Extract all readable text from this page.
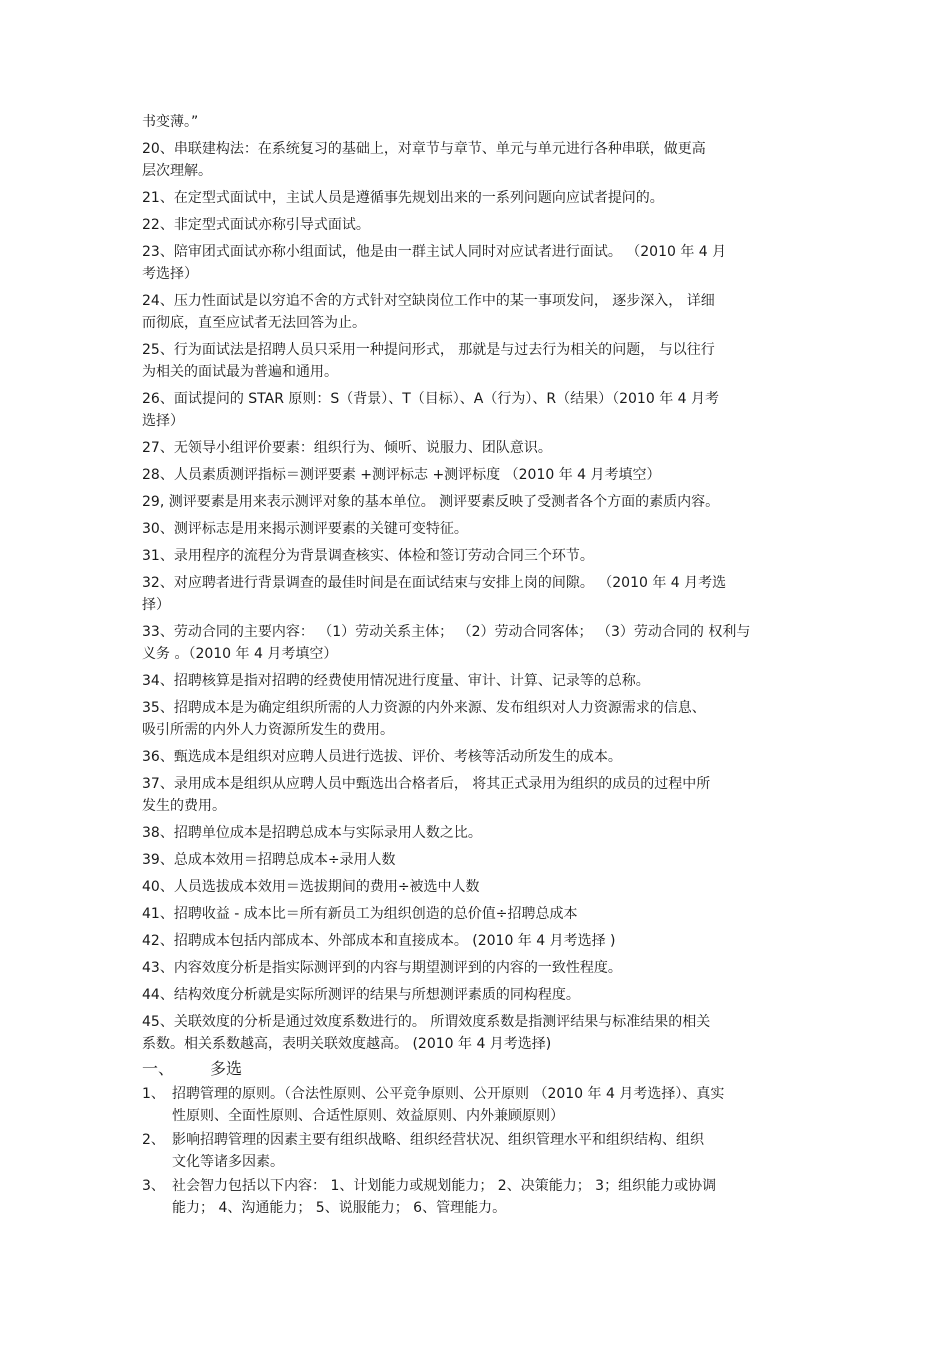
书变薄。”
20、串联建构法：在系统复习的基础上，对章节与章节、单元与单元进行各种串联，做更高
层次理解。
21、在定型式面试中，主试人员是遵循事先规划出来的一系列问题向应试者提问的。
22、非定型式面试亦称引导式面试。
23、陪审团式面试亦称小组面试，他是由一群主试人同时对应试者进行面试。 （2010 年 4 月
考选择）
24、压力性面试是以穷追不舍的方式针对空缺岗位工作中的某一事项发问， 逐步深入， 详细
而彻底，直至应试者无法回答为止。
25、行为面试法是招聘人员只采用一种提问形式， 那就是与过去行为相关的问题， 与以往行
为相关的面试最为普遍和通用。
26、面试提问的 STAR 原则：S（背景）、T（目标）、A（行为）、R（结果）（2010 年 4 月考
选择）
27、无领导小组评价要素：组织行为、倾听、说服力、团队意识。
28、人员素质测评指标＝测评要素 +测评标志 +测评标度 （2010 年 4 月考填空）
29, 测评要素是用来表示测评对象的基本单位。 测评要素反映了受测者各个方面的素质内容。
30、测评标志是用来揭示测评要素的关键可变特征。
31、录用程序的流程分为背景调查核实、体检和签订劳动合同三个环节。
32、对应聘者进行背景调查的最佳时间是在面试结束与安排上岗的间隙。 （2010 年 4 月考选
择）
33、劳动合同的主要内容： （1）劳动关系主体； （2）劳动合同客体； （3）劳动合同的 权利与
义务 。（2010 年 4 月考填空）
34、招聘核算是指对招聘的经费使用情况进行度量、审计、计算、记录等的总称。
35、招聘成本是为确定组织所需的人力资源的内外来源、发布组织对人力资源需求的信息、
吸引所需的内外人力资源所发生的费用。
36、甄选成本是组织对应聘人员进行选拔、评价、考核等活动所发生的成本。
37、录用成本是组织从应聘人员中甄选出合格者后， 将其正式录用为组织的成员的过程中所
发生的费用。
38、招聘单位成本是招聘总成本与实际录用人数之比。
39、总成本效用＝招聘总成本÷录用人数
40、人员选拔成本效用＝选拔期间的费用÷被选中人数
41、招聘收益 - 成本比＝所有新员工为组织创造的总价值÷招聘总成本
42、招聘成本包括内部成本、外部成本和直接成本。 (2010 年 4 月考选择 )
43、内容效度分析是指实际测评到的内容与期望测评到的内容的一致性程度。
44、结构效度分析就是实际所测评的结果与所想测评素质的同构程度。
45、关联效度的分析是通过效度系数进行的。 所谓效度系数是指测评结果与标准结果的相关
系数。相关系数越高，表明关联效度越高。 (2010 年 4 月考选择)
一、 多选
1、 招聘管理的原则。（合法性原则、公平竞争原则、公开原则 （2010 年 4 月考选择）、真实
性原则、全面性原则、合适性原则、效益原则、内外兼顾原则）
2、 影响招聘管理的因素主要有组织战略、组织经营状况、组织管理水平和组织结构、组织
文化等诸多因素。
3、 社会智力包括以下内容： 1、计划能力或规划能力； 2、决策能力； 3；组织能力或协调
能力； 4、沟通能力； 5、说服能力； 6、管理能力。
